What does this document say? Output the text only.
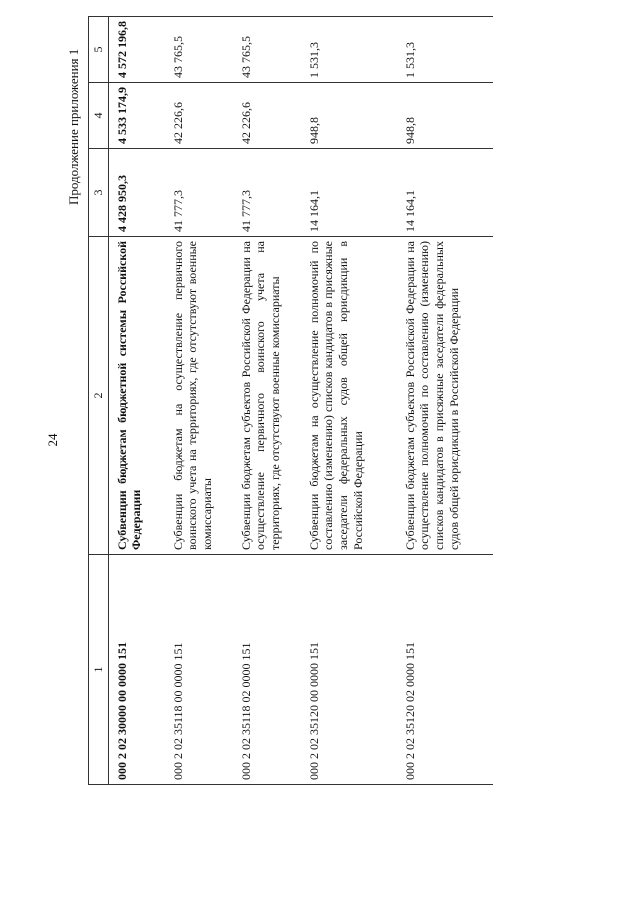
24
Продолжение приложения 1
1	2	3	4	5
000 2 02 30000 00 0000 151	Субвенции бюджетам бюджетной системы Российской Федерации	4 428 950,3	4 533 174,9	4 572 196,8
000 2 02 35118 00 0000 151	Субвенции бюджетам на осуществление первичного воинского учета на территориях, где отсутствуют военные комиссариаты	41 777,3	42 226,6	43 765,5
000 2 02 35118 02 0000 151	Субвенции бюджетам субъектов Российской Федерации на осуществление первичного воинского учета на территориях, где отсутствуют военные комиссариаты	41 777,3	42 226,6	43 765,5
000 2 02 35120 00 0000 151	Субвенции бюджетам на осуществление полномочий по составлению (изменению) списков кандидатов в присяжные заседатели федеральных судов общей юрисдикции в Российской Федерации	14 164,1	948,8	1 531,3
000 2 02 35120 02 0000 151	Субвенции бюджетам субъектов Российской Федерации на осуществление полномочий по составлению (изменению) списков кандидатов в присяжные заседатели федеральных судов общей юрисдикции в Российской Федерации	14 164,1	948,8	1 531,3
